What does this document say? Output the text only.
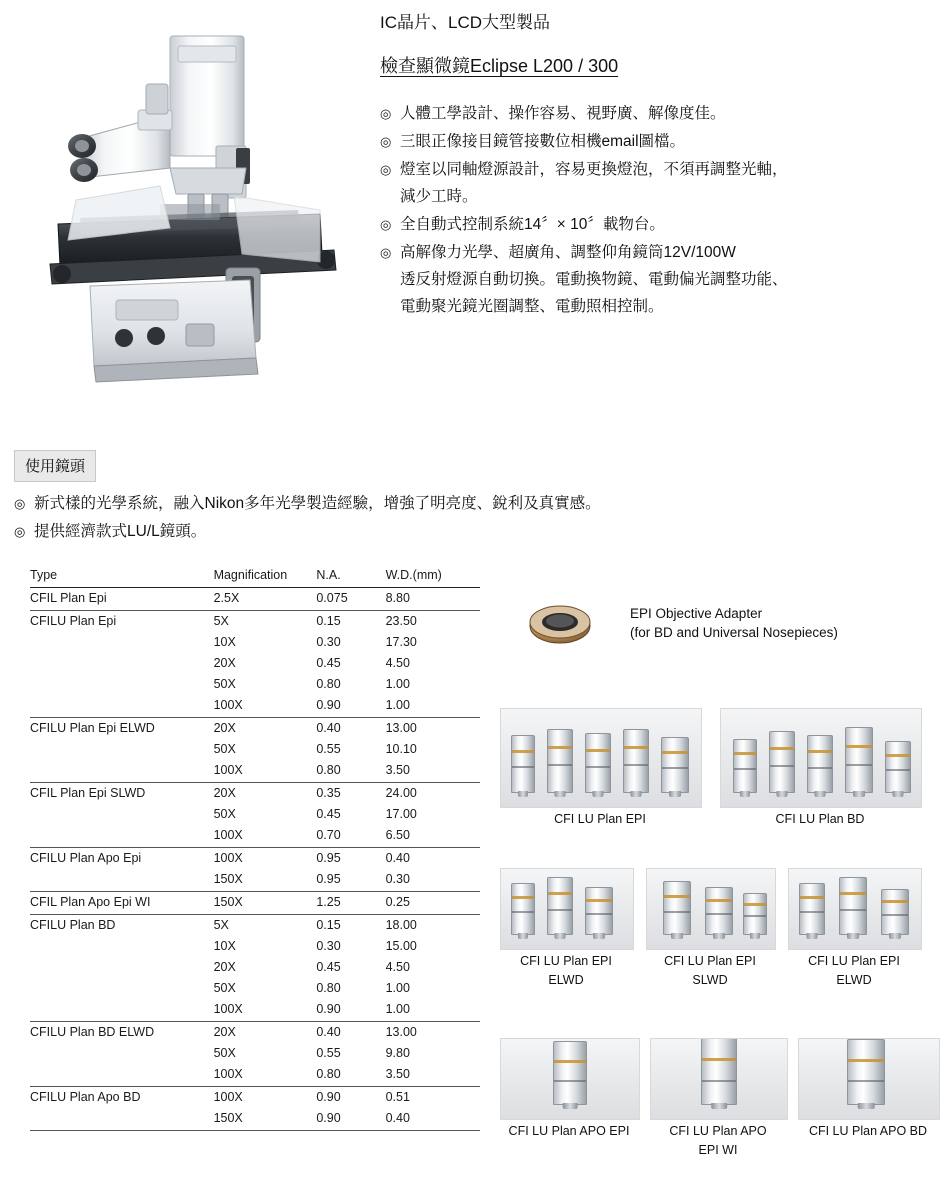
IC晶片、LCD大型製品
檢查顯微鏡Eclipse L200 / 300
◎ 人體工學設計、操作容易、視野廣、解像度佳。
◎ 三眼正像接目鏡管接數位相機email圖檔。
◎ 燈室以同軸燈源設計，容易更換燈泡，不須再調整光軸，
減少工時。
◎ 全自動式控制系統14〞× 10〞載物台。
◎ 高解像力光學、超廣角、調整仰角鏡筒12V/100W
透反射燈源自動切換。電動換物鏡、電動偏光調整功能、
電動聚光鏡光圈調整、電動照相控制。
使用鏡頭
◎ 新式樣的光學系統，融入Nikon多年光學製造經驗，增強了明亮度、銳利及真實感。
◎ 提供經濟款式LU/L鏡頭。
Type	Magnification	N.A.	W.D.(mm)
CFIL Plan Epi	2.5X	0.075	8.80
CFILU Plan Epi	5X	0.15	23.50
	10X	0.30	17.30
	20X	0.45	4.50
	50X	0.80	1.00
	100X	0.90	1.00
CFILU Plan Epi ELWD	20X	0.40	13.00
	50X	0.55	10.10
	100X	0.80	3.50
CFIL Plan Epi SLWD	20X	0.35	24.00
	50X	0.45	17.00
	100X	0.70	6.50
CFILU Plan Apo Epi	100X	0.95	0.40
	150X	0.95	0.30
CFIL Plan Apo Epi WI	150X	1.25	0.25
CFILU Plan BD	5X	0.15	18.00
	10X	0.30	15.00
	20X	0.45	4.50
	50X	0.80	1.00
	100X	0.90	1.00
CFILU Plan BD ELWD	20X	0.40	13.00
	50X	0.55	9.80
	100X	0.80	3.50
CFILU Plan Apo BD	100X	0.90	0.51
	150X	0.90	0.40
EPI Objective Adapter
(for BD and Universal Nosepieces)
CFI LU Plan EPI	CFI LU Plan BD
CFI LU Plan EPI
ELWD
CFI LU Plan EPI
SLWD
CFI LU Plan EPI
ELWD
CFI LU Plan APO EPI	CFI LU Plan APO
EPI WI
CFI LU Plan APO BD
